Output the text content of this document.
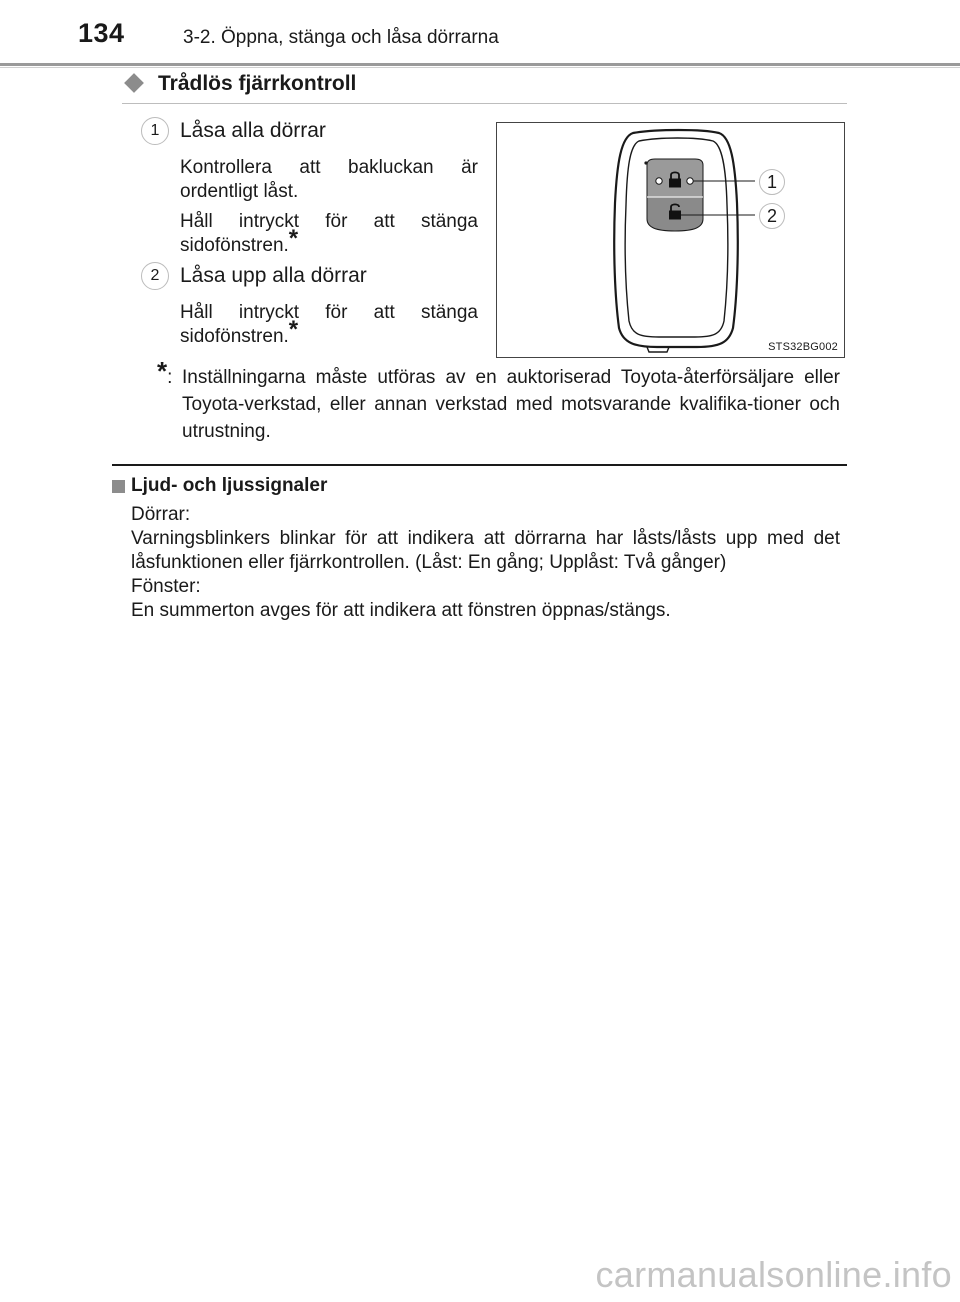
134	3-2. Öppna, stänga och låsa dörrarna
Trådlös fjärrkontroll
1 Låsa alla dörrar
Kontrollera att bakluckan är ordentligt låst.
Håll intryckt för att stänga sidofönstren.*
2 Låsa upp alla dörrar
Håll intryckt för att stänga sidofönstren.*
1
2
STS32BG002
*: Inställningarna måste utföras av en auktoriserad Toyota-återförsäljare eller Toyota-verkstad, eller annan verkstad med motsvarande kvalifika-tioner och utrustning.
Ljud- och ljussignaler
Dörrar:
Varningsblinkers blinkar för att indikera att dörrarna har låsts/låsts upp med det låsfunktionen eller fjärrkontrollen. (Låst: En gång; Upplåst: Två gånger)
Fönster:
En summerton avges för att indikera att fönstren öppnas/stängs.
carmanualsonline.info
